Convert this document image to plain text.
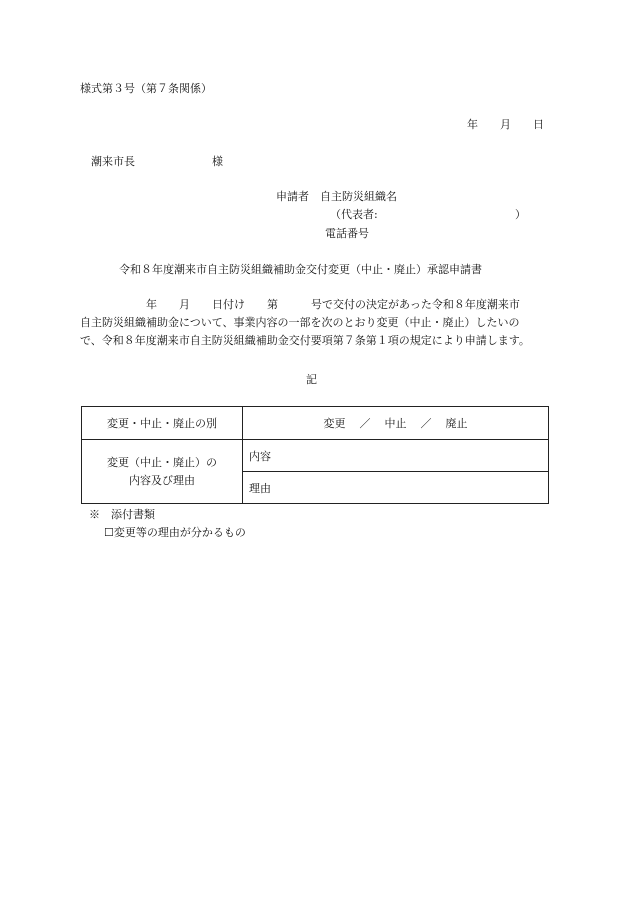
様式第３号（第７条関係）
年　　月　　日
潮来市長　　　　　　　様
申請者　自主防災組織名
（代表者:	）
電話番号
令和８年度潮来市自主防災組織補助金交付変更（中止・廃止）承認申請書
　　　　　　年　　月　　日付け　　第　　　号で交付の決定があった令和８年度潮来市
自主防災組織補助金について、事業内容の一部を次のとおり変更（中止・廃止）したいの
で、令和８年度潮来市自主防災組織補助金交付要項第７条第１項の規定により申請します。
記
変更・中止・廃止の別	変更 ／ 中止 ／ 廃止
変更（中止・廃止）の
内容及び理由	内容
	理由
※　添付書類
☐変更等の理由が分かるもの
